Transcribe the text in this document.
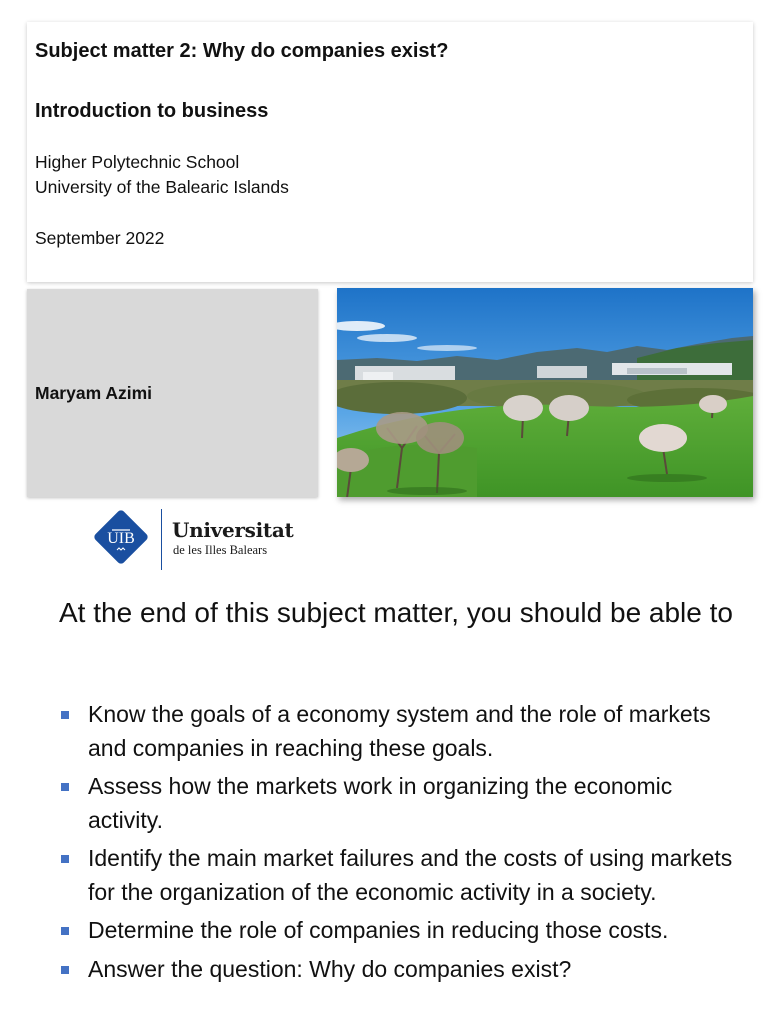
Subject matter 2: Why do companies exist?

Introduction to business

Higher Polytechnic School

University of the Balearic Islands

September 2022

Maryam Azimi
UIB Universitat
de les Illes Balears
At the end of this subject matter, you should be able to
Know the goals of a economy system and the role of markets and companies in reaching these goals.
Assess how the markets work in organizing the economic activity.
Identify the main market failures and the costs of using markets for the organization of the economic activity in a society.
Determine the role of companies in reducing those costs.
Answer the question: Why do companies exist?
